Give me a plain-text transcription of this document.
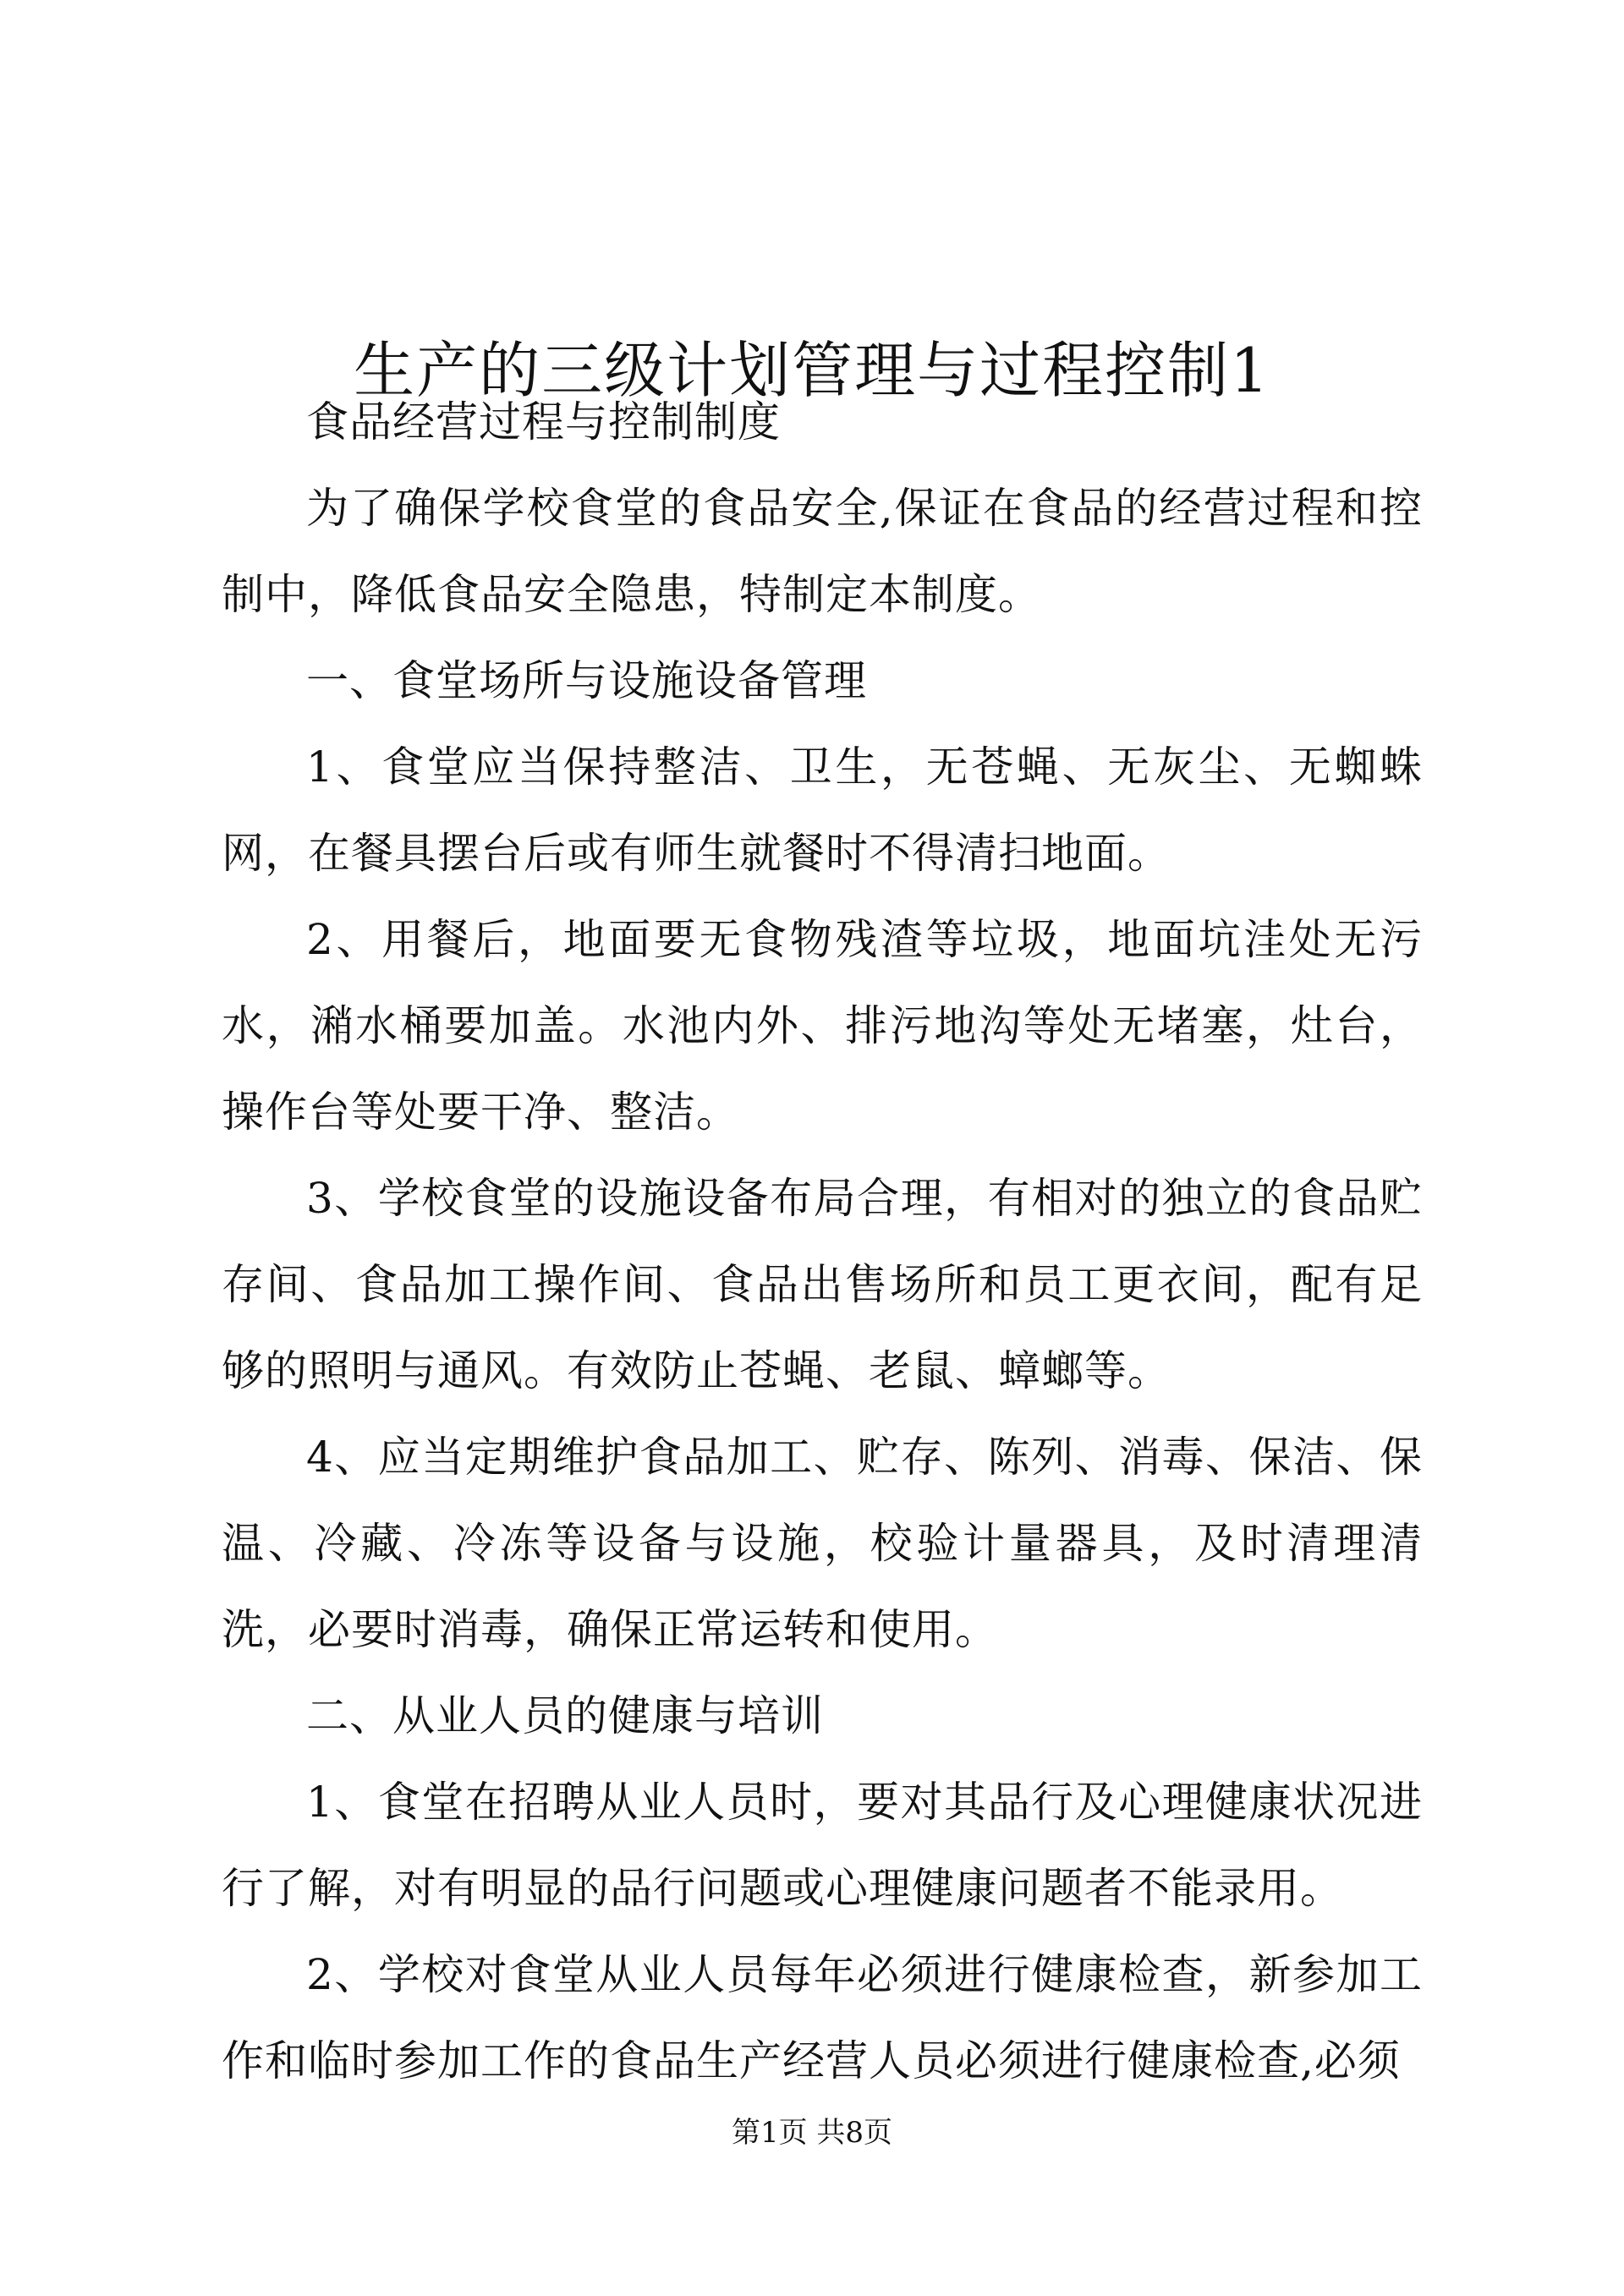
生产的三级计划管理与过程控制1

食品经营过程与控制制度

为了确保学校食堂的食品安全,保证在食品的经营过程和控制中，降低食品安全隐患，特制定本制度。

一、食堂场所与设施设备管理

1、食堂应当保持整洁、卫生，无苍蝇、无灰尘、无蜘蛛网，在餐具摆台后或有师生就餐时不得清扫地面。

2、用餐后，地面要无食物残渣等垃圾，地面坑洼处无污水，潲水桶要加盖。水池内外、排污地沟等处无堵塞，灶台，操作台等处要干净、整洁。

3、学校食堂的设施设备布局合理，有相对的独立的食品贮存间、食品加工操作间、食品出售场所和员工更衣间，配有足够的照明与通风。有效防止苍蝇、老鼠、蟑螂等。

4、应当定期维护食品加工、贮存、陈列、消毒、保洁、保温、冷藏、冷冻等设备与设施，校验计量器具，及时清理清洗，必要时消毒，确保正常运转和使用。

二、从业人员的健康与培训

1、食堂在招聘从业人员时，要对其品行及心理健康状况进行了解，对有明显的品行问题或心理健康问题者不能录用。

2、学校对食堂从业人员每年必须进行健康检查，新参加工作和临时参加工作的食品生产经营人员必须进行健康检查,必须

第1页 共8页
